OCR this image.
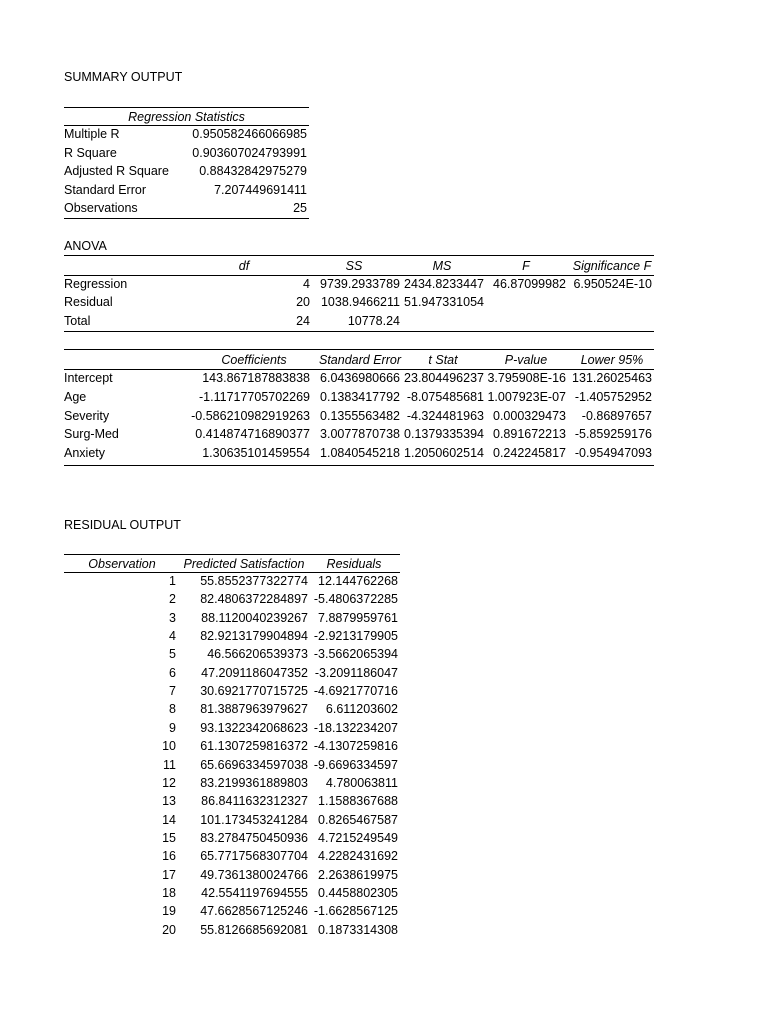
SUMMARY OUTPUT
Regression Statistics
Multiple R	0.950582466066985
R Square	0.903607024793991
Adjusted R Square 0.88432842975279
Standard Error	7.207449691411
Observations	25
ANOVA
df	SS	MS	F	Significance F
Regression	4 9739.2933789 2434.8233447 46.87099982 6.950524E-10
Residual	20 1038.9466211 51.947331054
Total	24	10778.24
Coefficients	Standard Error	t Stat	P-value	Lower 95%
Intercept	143.867187883838 6.0436980666 23.804496237 3.795908E-16 131.26025463
Age	-1.11717705702269 0.1383417792 -8.075485681 1.007923E-07 -1.405752952
Severity	-0.586210982919263 0.1355563482 -4.324481963 0.000329473 -0.86897657
Surg-Med	0.414874716890377 3.0077870738 0.1379335394 0.891672213 -5.859259176
Anxiety	1.30635101459554 1.0840545218 1.2050602514 0.242245817 -0.954947093
RESIDUAL OUTPUT
Observation	Predicted Satisfaction	Residuals
1 55.8552377322774 12.144762268
2 82.4806372284897 -5.4806372285
3 88.1120040239267 7.8879959761
4 82.9213179904894 -2.9213179905
5 46.566206539373 -3.5662065394
6 47.2091186047352 -3.2091186047
7 30.6921770715725 -4.6921770716
8 81.3887963979627 6.611203602
9 93.1322342068623 -18.132234207
10 61.1307259816372 -4.1307259816
11 65.6696334597038 -9.6696334597
12 83.2199361889803 4.780063811
13 86.8411632312327 1.1588367688
14 101.173453241284 0.8265467587
15 83.2784750450936 4.7215249549
16 65.7717568307704 4.2282431692
17 49.7361380024766 2.2638619975
18 42.5541197694555 0.4458802305
19 47.6628567125246 -1.6628567125
20 55.8126685692081 0.1873314308
